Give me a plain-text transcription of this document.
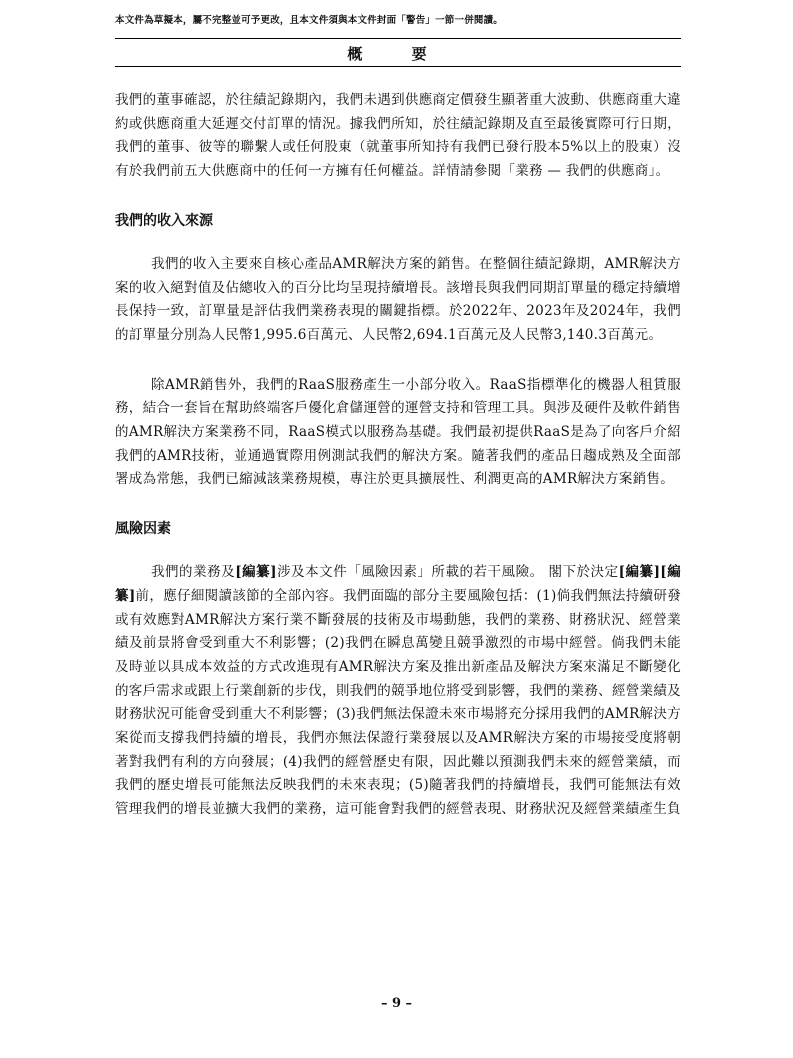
本文件為草擬本，屬不完整並可予更改，且本文件須與本文件封面「警告」一節一併閱讀。
概 要

我們的董事確認，於往績記錄期內，我們未遇到供應商定價發生顯著重大波動、供應商重大違約或供應商重大延遲交付訂單的情況。據我們所知，於往績記錄期及直至最後實際可行日期，我們的董事、彼等的聯繫人或任何股東（就董事所知持有我們已發行股本5%以上的股東）沒有於我們前五大供應商中的任何一方擁有任何權益。詳情請參閱「業務 — 我們的供應商」。

我們的收入來源

我們的收入主要來自核心產品AMR解決方案的銷售。在整個往績記錄期，AMR解決方案的收入絕對值及佔總收入的百分比均呈現持續增長。該增長與我們同期訂單量的穩定持續增長保持一致，訂單量是評估我們業務表現的關鍵指標。於2022年、2023年及2024年，我們的訂單量分別為人民幣1,995.6百萬元、人民幣2,694.1百萬元及人民幣3,140.3百萬元。

除AMR銷售外，我們的RaaS服務產生一小部分收入。RaaS指標準化的機器人租賃服務，結合一套旨在幫助終端客戶優化倉儲運營的運營支持和管理工具。與涉及硬件及軟件銷售的AMR解決方案業務不同，RaaS模式以服務為基礎。我們最初提供RaaS是為了向客戶介紹我們的AMR技術，並通過實際用例測試我們的解決方案。隨著我們的產品日趨成熟及全面部署成為常態，我們已縮減該業務規模，專注於更具擴展性、利潤更高的AMR解決方案銷售。

風險因素

我們的業務及[編纂]涉及本文件「風險因素」所載的若干風險。 閣下於決定[編纂][編纂]前，應仔細閱讀該節的全部內容。我們面臨的部分主要風險包括：(1)倘我們無法持續研發或有效應對AMR解決方案行業不斷發展的技術及市場動態，我們的業務、財務狀況、經營業績及前景將會受到重大不利影響；(2)我們在瞬息萬變且競爭激烈的市場中經營。倘我們未能及時並以具成本效益的方式改進現有AMR解決方案及推出新產品及解決方案來滿足不斷變化的客戶需求或跟上行業創新的步伐，則我們的競爭地位將受到影響，我們的業務、經營業績及財務狀況可能會受到重大不利影響；(3)我們無法保證未來市場將充分採用我們的AMR解決方案從而支撐我們持續的增長，我們亦無法保證行業發展以及AMR解決方案的市場接受度將朝著對我們有利的方向發展；(4)我們的經營歷史有限，因此難以預測我們未來的經營業績，而我們的歷史增長可能無法反映我們的未來表現；(5)隨著我們的持續增長，我們可能無法有效管理我們的增長並擴大我們的業務，這可能會對我們的經營表現、財務狀況及經營業績產生負

– 9 –
